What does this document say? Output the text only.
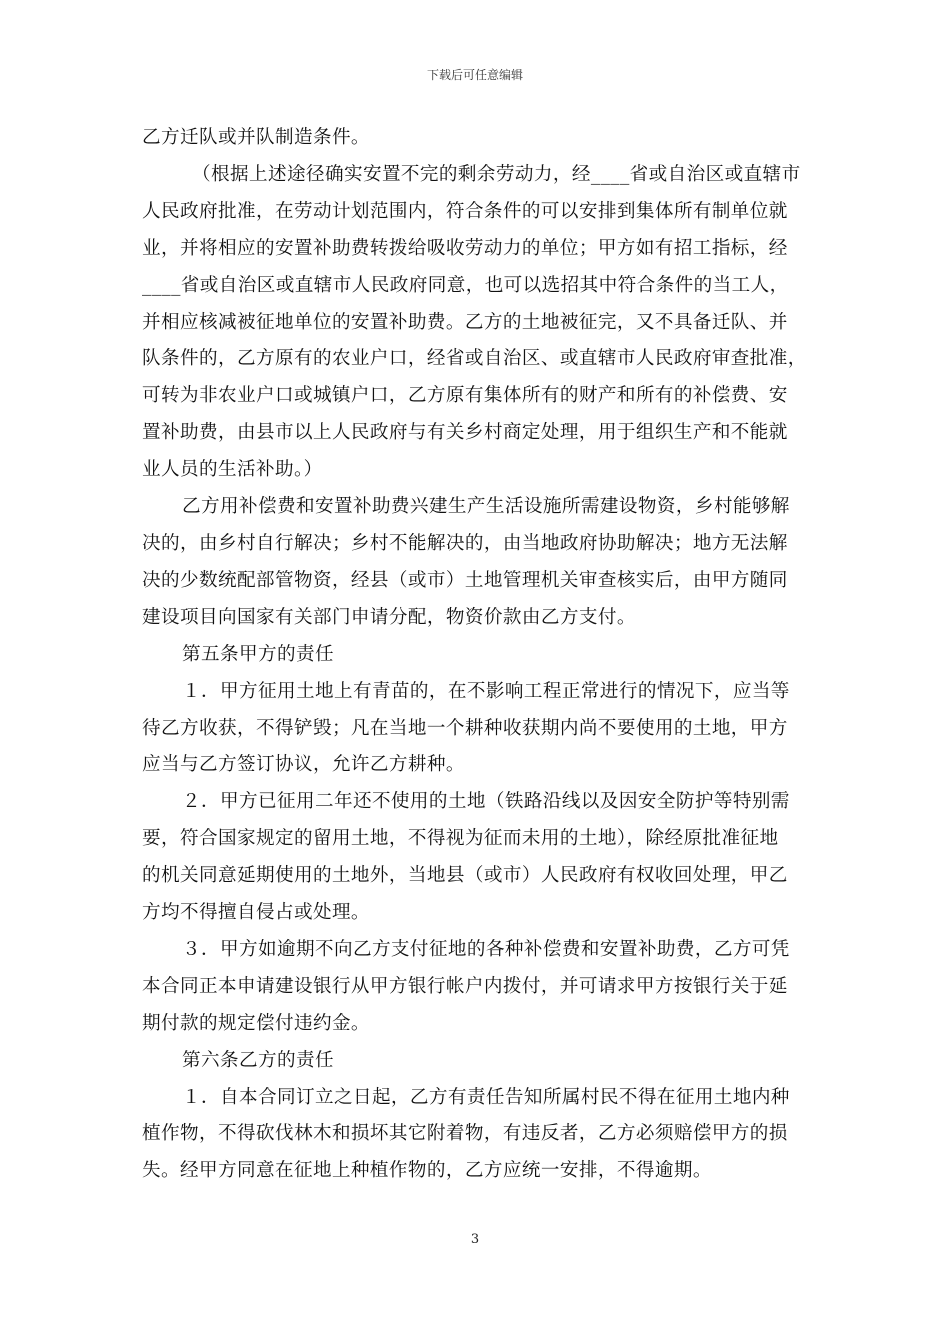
下载后可任意编辑
乙方迁队或并队制造条件。
（根据上述途径确实安置不完的剩余劳动力，经____省或自治区或直辖市
人民政府批准，在劳动计划范围内，符合条件的可以安排到集体所有制单位就
业，并将相应的安置补助费转拨给吸收劳动力的单位；甲方如有招工指标，经
____省或自治区或直辖市人民政府同意，也可以选招其中符合条件的当工人，
并相应核减被征地单位的安置补助费。乙方的土地被征完，又不具备迁队、并
队条件的，乙方原有的农业户口，经省或自治区、或直辖市人民政府审查批准，
可转为非农业户口或城镇户口，乙方原有集体所有的财产和所有的补偿费、安
置补助费，由县市以上人民政府与有关乡村商定处理，用于组织生产和不能就
业人员的生活补助。）
乙方用补偿费和安置补助费兴建生产生活设施所需建设物资，乡村能够解
决的，由乡村自行解决；乡村不能解决的，由当地政府协助解决；地方无法解
决的少数统配部管物资，经县（或市）土地管理机关审查核实后，由甲方随同
建设项目向国家有关部门申请分配，物资价款由乙方支付。
第五条甲方的责任
１．甲方征用土地上有青苗的，在不影响工程正常进行的情况下，应当等
待乙方收获，不得铲毁；凡在当地一个耕种收获期内尚不要使用的土地，甲方
应当与乙方签订协议，允许乙方耕种。
２．甲方已征用二年还不使用的土地（铁路沿线以及因安全防护等特别需
要，符合国家规定的留用土地，不得视为征而未用的土地），除经原批准征地
的机关同意延期使用的土地外，当地县（或市）人民政府有权收回处理，甲乙
方均不得擅自侵占或处理。
３．甲方如逾期不向乙方支付征地的各种补偿费和安置补助费，乙方可凭
本合同正本申请建设银行从甲方银行帐户内拨付，并可请求甲方按银行关于延
期付款的规定偿付违约金。
第六条乙方的责任
１．自本合同订立之日起，乙方有责任告知所属村民不得在征用土地内种
植作物，不得砍伐林木和损坏其它附着物，有违反者，乙方必须赔偿甲方的损
失。经甲方同意在征地上种植作物的，乙方应统一安排，不得逾期。
3
